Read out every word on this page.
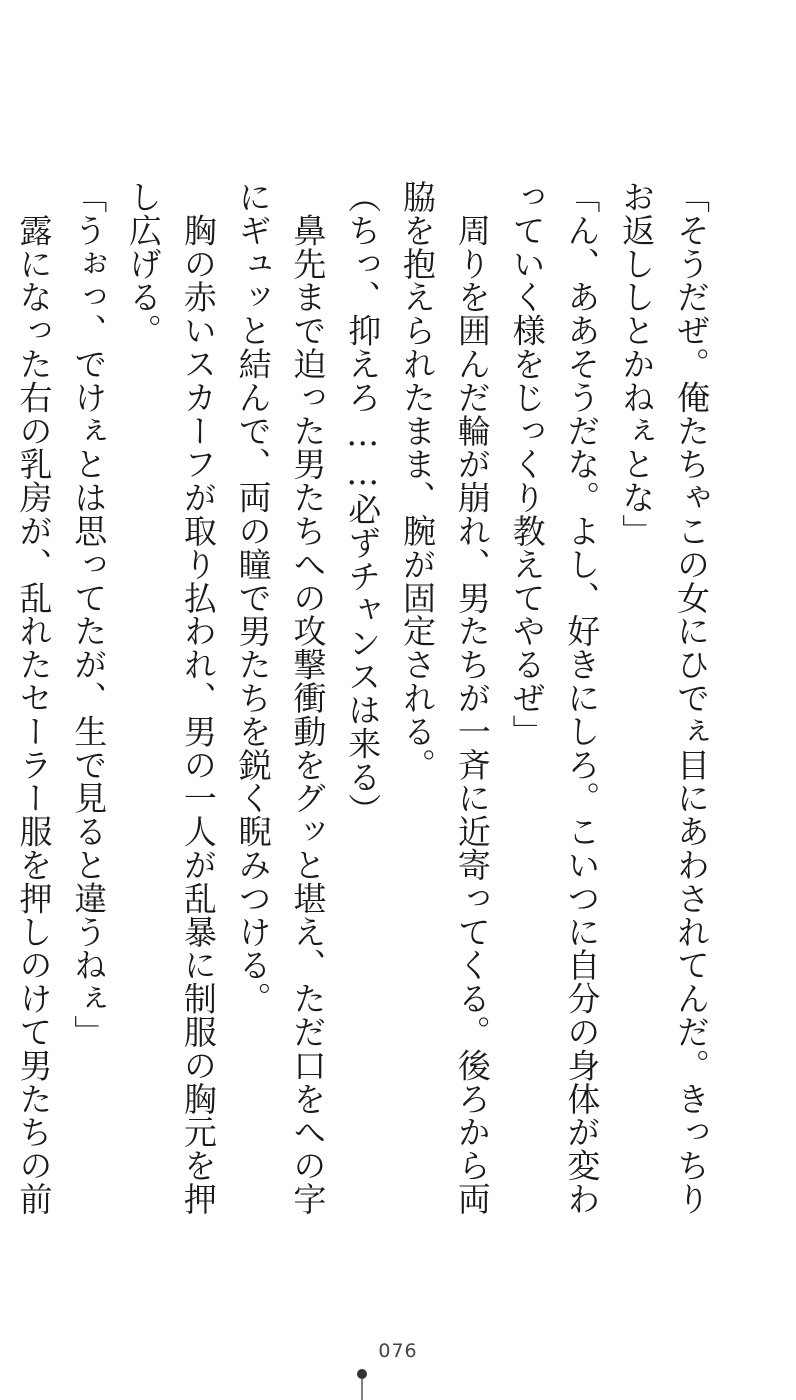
「そうだぜ。俺たちゃこの女にひでぇ目にあわされてんだ。きっちりお返ししとかねぇとな」

「ん、ああそうだな。よし、好きにしろ。こいつに自分の身体が変わっていく様をじっくり教えてやるぜ」

　周りを囲んだ輪が崩れ、男たちが一斉に近寄ってくる。後ろから両脇を抱えられたまま、腕が固定される。

（ちっ、抑えろ……必ずチャンスは来る）

　鼻先まで迫った男たちへの攻撃衝動をグッと堪え、ただ口をへの字にギュッと結んで、両の瞳で男たちを鋭く睨みつける。

　胸の赤いスカーフが取り払われ、男の一人が乱暴に制服の胸元を押し広げる。

「うぉっ、でけぇとは思ってたが、生で見ると違うねぇ」

　露になった右の乳房が、乱れたセーラー服を押しのけて男たちの前

076
